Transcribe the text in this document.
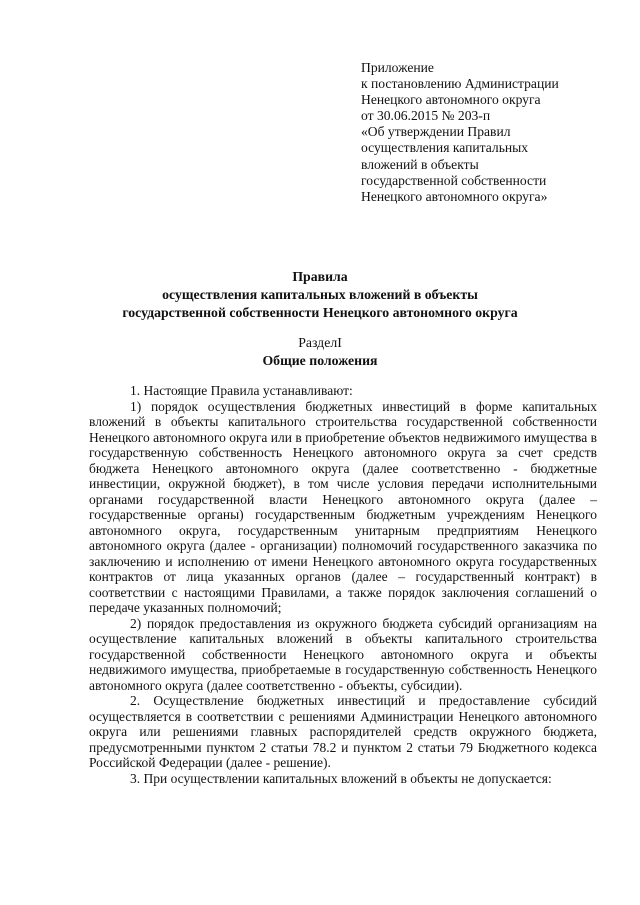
Приложение
к постановлению Администрации
Ненецкого автономного округа
от 30.06.2015 № 203-п
«Об утверждении Правил
осуществления капитальных
вложений в объекты
государственной собственности
Ненецкого автономного округа»
Правила
осуществления капитальных вложений в объекты
государственной собственности Ненецкого автономного округа
РазделI
Общие положения

1. Настоящие Правила устанавливают:

1) порядок осуществления бюджетных инвестиций в форме капитальных вложений в объекты капитального строительства государственной собственности Ненецкого автономного округа или в приобретение объектов недвижимого имущества в государственную собственность Ненецкого автономного округа за счет средств бюджета Ненецкого автономного округа (далее соответственно - бюджетные инвестиции, окружной бюджет), в том числе условия передачи исполнительными органами государственной власти Ненецкого автономного округа (далее – государственные органы) государственным бюджетным учреждениям Ненецкого автономного округа, государственным унитарным предприятиям Ненецкого автономного округа (далее - организации) полномочий государственного заказчика по заключению и исполнению от имени Ненецкого автономного округа государственных контрактов от лица указанных органов (далее – государственный контракт) в соответствии с настоящими Правилами, а также порядок заключения соглашений о передаче указанных полномочий;

2) порядок предоставления из окружного бюджета субсидий организациям на осуществление капитальных вложений в объекты капитального строительства государственной собственности Ненецкого автономного округа и объекты недвижимого имущества, приобретаемые в государственную собственность Ненецкого автономного округа (далее соответственно - объекты, субсидии).

2. Осуществление бюджетных инвестиций и предоставление субсидий осуществляется в соответствии с решениями Администрации Ненецкого автономного округа или решениями главных распорядителей средств окружного бюджета, предусмотренными пунктом 2 статьи 78.2 и пунктом 2 статьи 79 Бюджетного кодекса Российской Федерации (далее - решение).

3. При осуществлении капитальных вложений в объекты не допускается:
